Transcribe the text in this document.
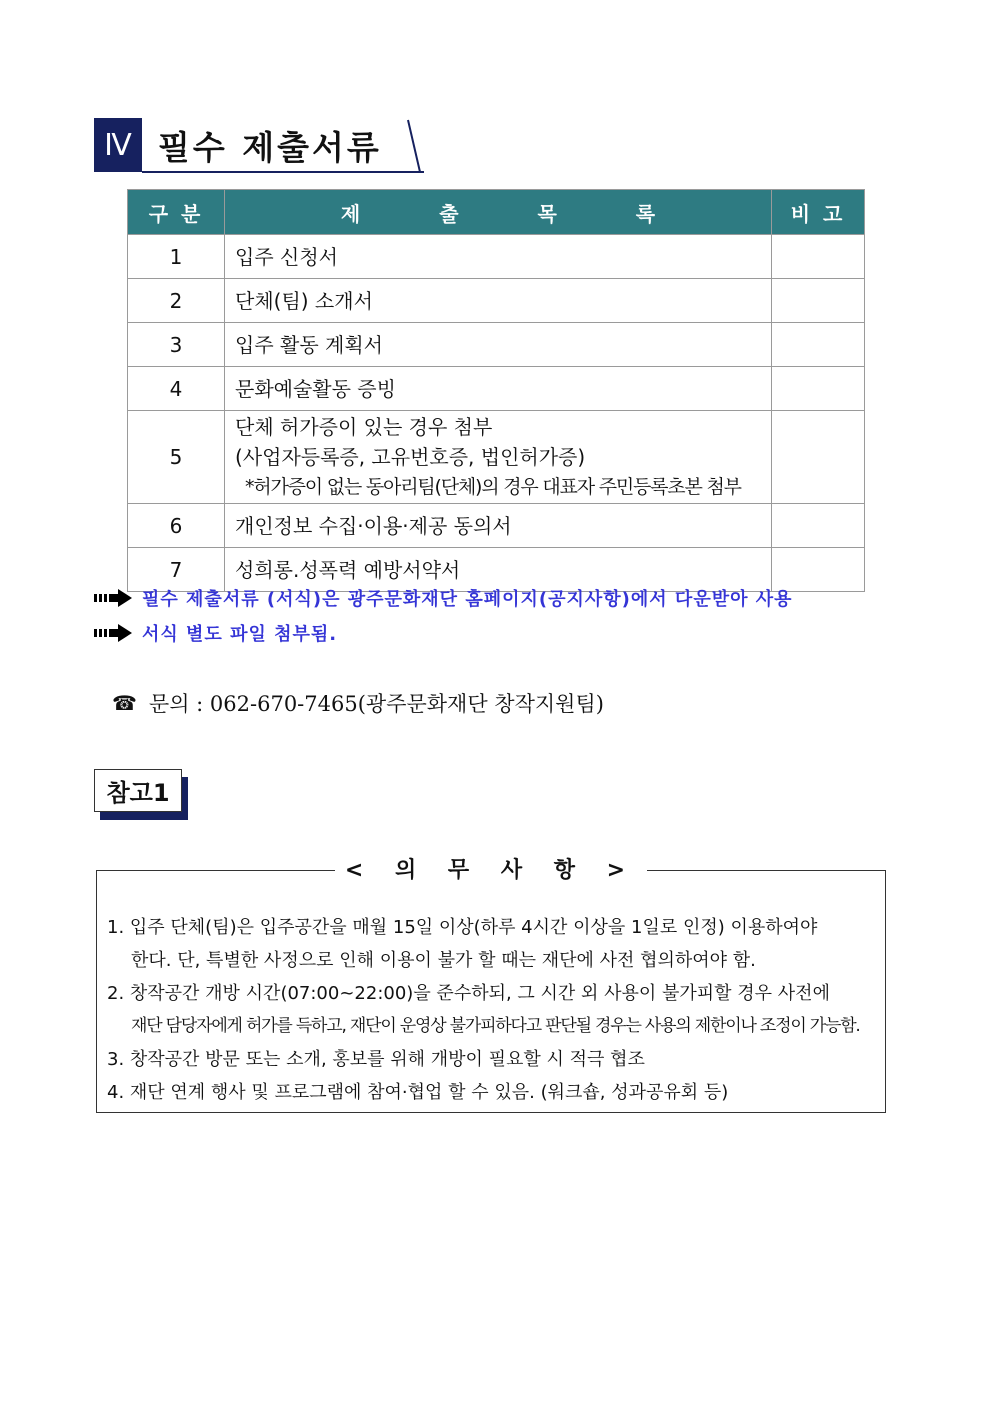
Ⅳ 필수 제출서류
구 분	제 출 목 록	비 고
1	입주 신청서	

2	단체(팀) 소개서	

3	입주 활동 계획서	

4	문화예술활동 증빙	

5	단체 허가증이 있는 경우 첨부
(사업자등록증, 고유번호증, 법인허가증)
*허가증이 없는 동아리팀(단체)의 경우 대표자 주민등록초본 첨부	

6	개인정보 수집·이용·제공 동의서	

7	성희롱.성폭력 예방서약서	

필수 제출서류 (서식)은 광주문화재단 홈페이지(공지사항)에서 다운받아 사용
서식 별도 파일 첨부됨.
☎ 문의 : 062-670-7465(광주문화재단 창작지원팀)
참고1
< 의 무 사 항 >
1. 입주 단체(팀)은 입주공간을 매월 15일 이상(하루 4시간 이상을 1일로 인정) 이용하여야
한다. 단, 특별한 사정으로 인해 이용이 불가 할 때는 재단에 사전 협의하여야 함.
2. 창작공간 개방 시간(07:00~22:00)을 준수하되, 그 시간 외 사용이 불가피할 경우 사전에
재단 담당자에게 허가를 득하고, 재단이 운영상 불가피하다고 판단될 경우는 사용의 제한이나 조정이 가능함.
3. 창작공간 방문 또는 소개, 홍보를 위해 개방이 필요할 시 적극 협조
4. 재단 연계 행사 및 프로그램에 참여·협업 할 수 있음. (워크숍, 성과공유회 등)
